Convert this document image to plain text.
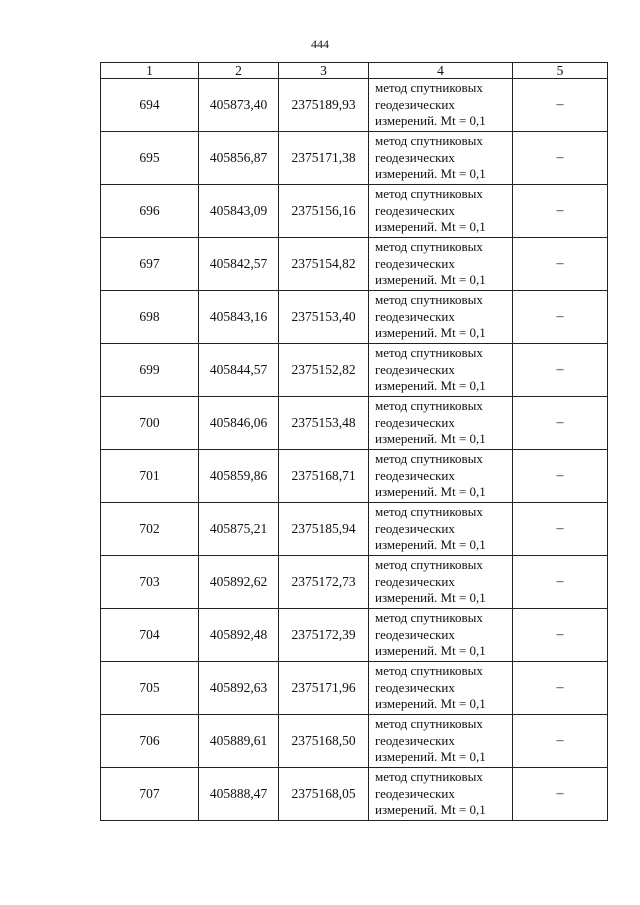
444
1	2	3	4	5
694	405873,40	2375189,93	метод спутниковых
геодезических
измерений. Mt = 0,1	–
695	405856,87	2375171,38	метод спутниковых
геодезических
измерений. Mt = 0,1	–
696	405843,09	2375156,16	метод спутниковых
геодезических
измерений. Mt = 0,1	–
697	405842,57	2375154,82	метод спутниковых
геодезических
измерений. Mt = 0,1	–
698	405843,16	2375153,40	метод спутниковых
геодезических
измерений. Mt = 0,1	–
699	405844,57	2375152,82	метод спутниковых
геодезических
измерений. Mt = 0,1	–
700	405846,06	2375153,48	метод спутниковых
геодезических
измерений. Mt = 0,1	–
701	405859,86	2375168,71	метод спутниковых
геодезических
измерений. Mt = 0,1	–
702	405875,21	2375185,94	метод спутниковых
геодезических
измерений. Mt = 0,1	–
703	405892,62	2375172,73	метод спутниковых
геодезических
измерений. Mt = 0,1	–
704	405892,48	2375172,39	метод спутниковых
геодезических
измерений. Mt = 0,1	–
705	405892,63	2375171,96	метод спутниковых
геодезических
измерений. Mt = 0,1	–
706	405889,61	2375168,50	метод спутниковых
геодезических
измерений. Mt = 0,1	–
707	405888,47	2375168,05	метод спутниковых
геодезических
измерений. Mt = 0,1	–
